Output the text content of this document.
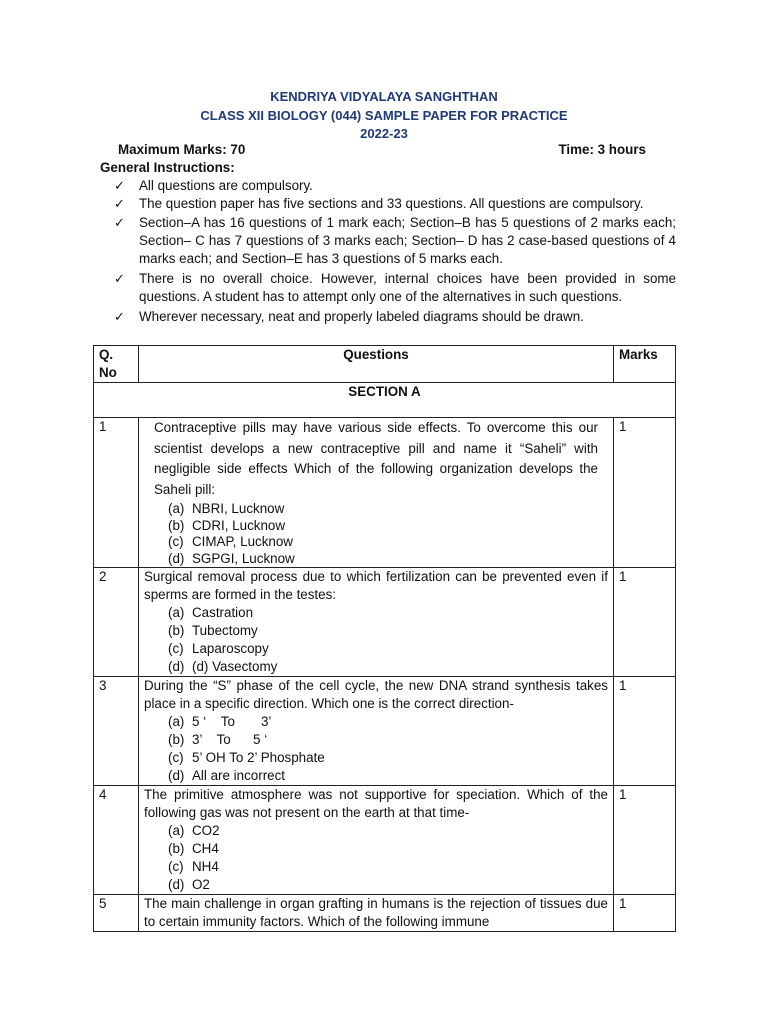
KENDRIYA VIDYALAYA SANGHTHAN
CLASS XII BIOLOGY (044) SAMPLE PAPER FOR PRACTICE
2022-23
Maximum Marks: 70	Time: 3 hours
General Instructions:
✓	All questions are compulsory.
✓	The question paper has five sections and 33 questions. All questions are compulsory.
✓	Section–A has 16 questions of 1 mark each; Section–B has 5 questions of 2 marks each; Section– C has 7 questions of 3 marks each; Section– D has 2 case-based questions of 4 marks each; and Section–E has 3 questions of 5 marks each.
✓	There is no overall choice. However, internal choices have been provided in some questions. A student has to attempt only one of the alternatives in such questions.
✓	Wherever necessary, neat and properly labeled diagrams should be drawn.
Q. No	Questions	Marks
SECTION A		
1	Contraceptive pills may have various side effects. To overcome this our scientist develops a new contraceptive pill and name it “Saheli” with negligible side effects Which of the following organization develops the Saheli pill:
(a) NBRI, Lucknow
(b) CDRI, Lucknow
(c) CIMAP, Lucknow
(d) SGPGI, Lucknow	1
2	Surgical removal process due to which fertilization can be prevented even if sperms are formed in the testes:
(a) Castration
(b) Tubectomy
(c) Laparoscopy
(d) (d) Vasectomy	1
3	During the “S” phase of the cell cycle, the new DNA strand synthesis takes place in a specific direction. Which one is the correct direction-
(a) 5 ‘    To       3’
(b) 3’    To      5 ‘
(c) 5’ OH To 2’ Phosphate
(d) All are incorrect	1
4	The primitive atmosphere was not supportive for speciation. Which of the following gas was not present on the earth at that time-
(a) CO2
(b) CH4
(c) NH4
(d) O2	1
5	The main challenge in organ grafting in humans is the rejection of tissues due to certain immunity factors. Which of the following immune	1
